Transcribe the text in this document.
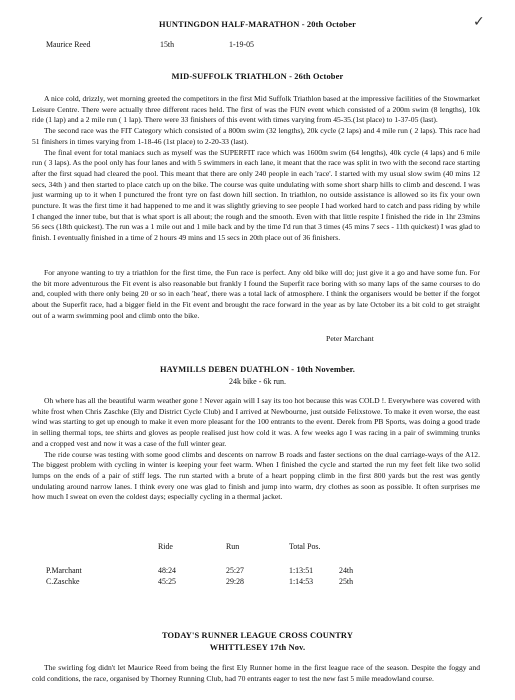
✓
HUNTINGDON HALF-MARATHON - 20th October
Maurice Reed	15th	1-19-05
MID-SUFFOLK TRIATHLON - 26th October

A nice cold, drizzly, wet morning greeted the competitors in the first Mid Suffolk Triathlon based at the impressive facilities of the Stowmarket Leisure Centre. There were actually three different races held. The first of was the FUN event which consisted of a 200m swim (8 lengths), 10k ride (1 lap) and a 2 mile run ( 1 lap). There were 33 finishers of this event with times varying from 45-35.(1st place) to 1-37-05 (last).

The second race was the FIT Category which consisted of a 800m swim (32 lengths), 20k cycle (2 laps) and 4 mile run ( 2 laps). This race had 51 finishers in times varying from 1-18-46 (1st place) to 2-20-33 (last).

The final event for total maniacs such as myself was the SUPERFIT race which was 1600m swim (64 lengths), 40k cycle (4 laps) and 6 mile run ( 3 laps). As the pool only has four lanes and with 5 swimmers in each lane, it meant that the race was split in two with the second race starting after the first squad had cleared the pool. This meant that there are only 240 people in each 'race'. I started with my usual slow swim (40 mins 12 secs, 34th ) and then started to place catch up on the bike. The course was quite undulating with some short sharp hills to climb and descend. I was just warming up to it when I punctured the front tyre on fast down hill section. In triathlon, no outside assistance is allowed so its fix your own puncture. It was the first time it had happened to me and it was slightly grieving to see people I had worked hard to catch and pass riding by while I changed the inner tube, but that is what sport is all about; the rough and the smooth. Even with that little respite I finished the ride in 1hr 23mins 56 secs (18th quickest). The run was a 1 mile out and 1 mile back and by the time I'd run that 3 times (45 mins 7 secs - 11th quickest) I was glad to finish. I eventually finished in a time of 2 hours 49 mins and 15 secs in 20th place out of 36 finishers.

For anyone wanting to try a triathlon for the first time, the Fun race is perfect. Any old bike will do; just give it a go and have some fun. For the bit more adventurous the Fit event is also reasonable but frankly I found the Superfit race boring with so many laps of the same courses to do and, coupled with there only being 20 or so in each 'heat', there was a total lack of atmosphere. I think the organisers would be better if the forgot about the Superfit race, had a bigger field in the Fit event and brought the race forward in the year as by late October its a bit cold to get straight out of a warm swimming pool and climb onto the bike.

Peter Marchant
HAYMILLS DEBEN DUATHLON - 10th November.
24k bike - 6k run.

Oh where has all the beautiful warm weather gone ! Never again will I say its too hot because this was COLD !. Everywhere was covered with white frost when Chris Zaschke (Ely and District Cycle Club) and I arrived at Newbourne, just outside Felixstowe. To make it even worse, the east wind was starting to get up enough to make it even more pleasant for the 100 entrants to the event. Derek from PB Sports, was doing a good trade in selling thermal tops, tee shirts and gloves as people realised just how cold it was. A few weeks ago I was racing in a pair of swimming trunks and a cropped vest and now it was a case of the full winter gear.

The ride course was testing with some good climbs and descents on narrow B roads and faster sections on the dual carriage-ways of the A12. The biggest problem with cycling in winter is keeping your feet warm. When I finished the cycle and started the run my feet felt like two solid lumps on the ends of a pair of stiff legs. The run started with a brute of a heart popping climb in the first 800 yards but the rest was gently undulating around narrow lanes. I think every one was glad to finish and jump into warm, dry clothes as soon as possible. It often surprises me how much I sweat on even the coldest days; especially cycling in a thermal jacket.

	Ride	Run	Total Pos.	

P.Marchant	48:24	25:27	1:13:51	24th
C.Zaschke	45:25	29:28	1:14:53	25th
TODAY'S RUNNER LEAGUE CROSS COUNTRY
WHITTLESEY 17th Nov.

The swirling fog didn't let Maurice Reed from being the first Ely Runner home in the first league race of the season. Despite the foggy and cold conditions, the race, organised by Thorney Running Club, had 70 entrants eager to test the new fast 5 mile meadowland course.
